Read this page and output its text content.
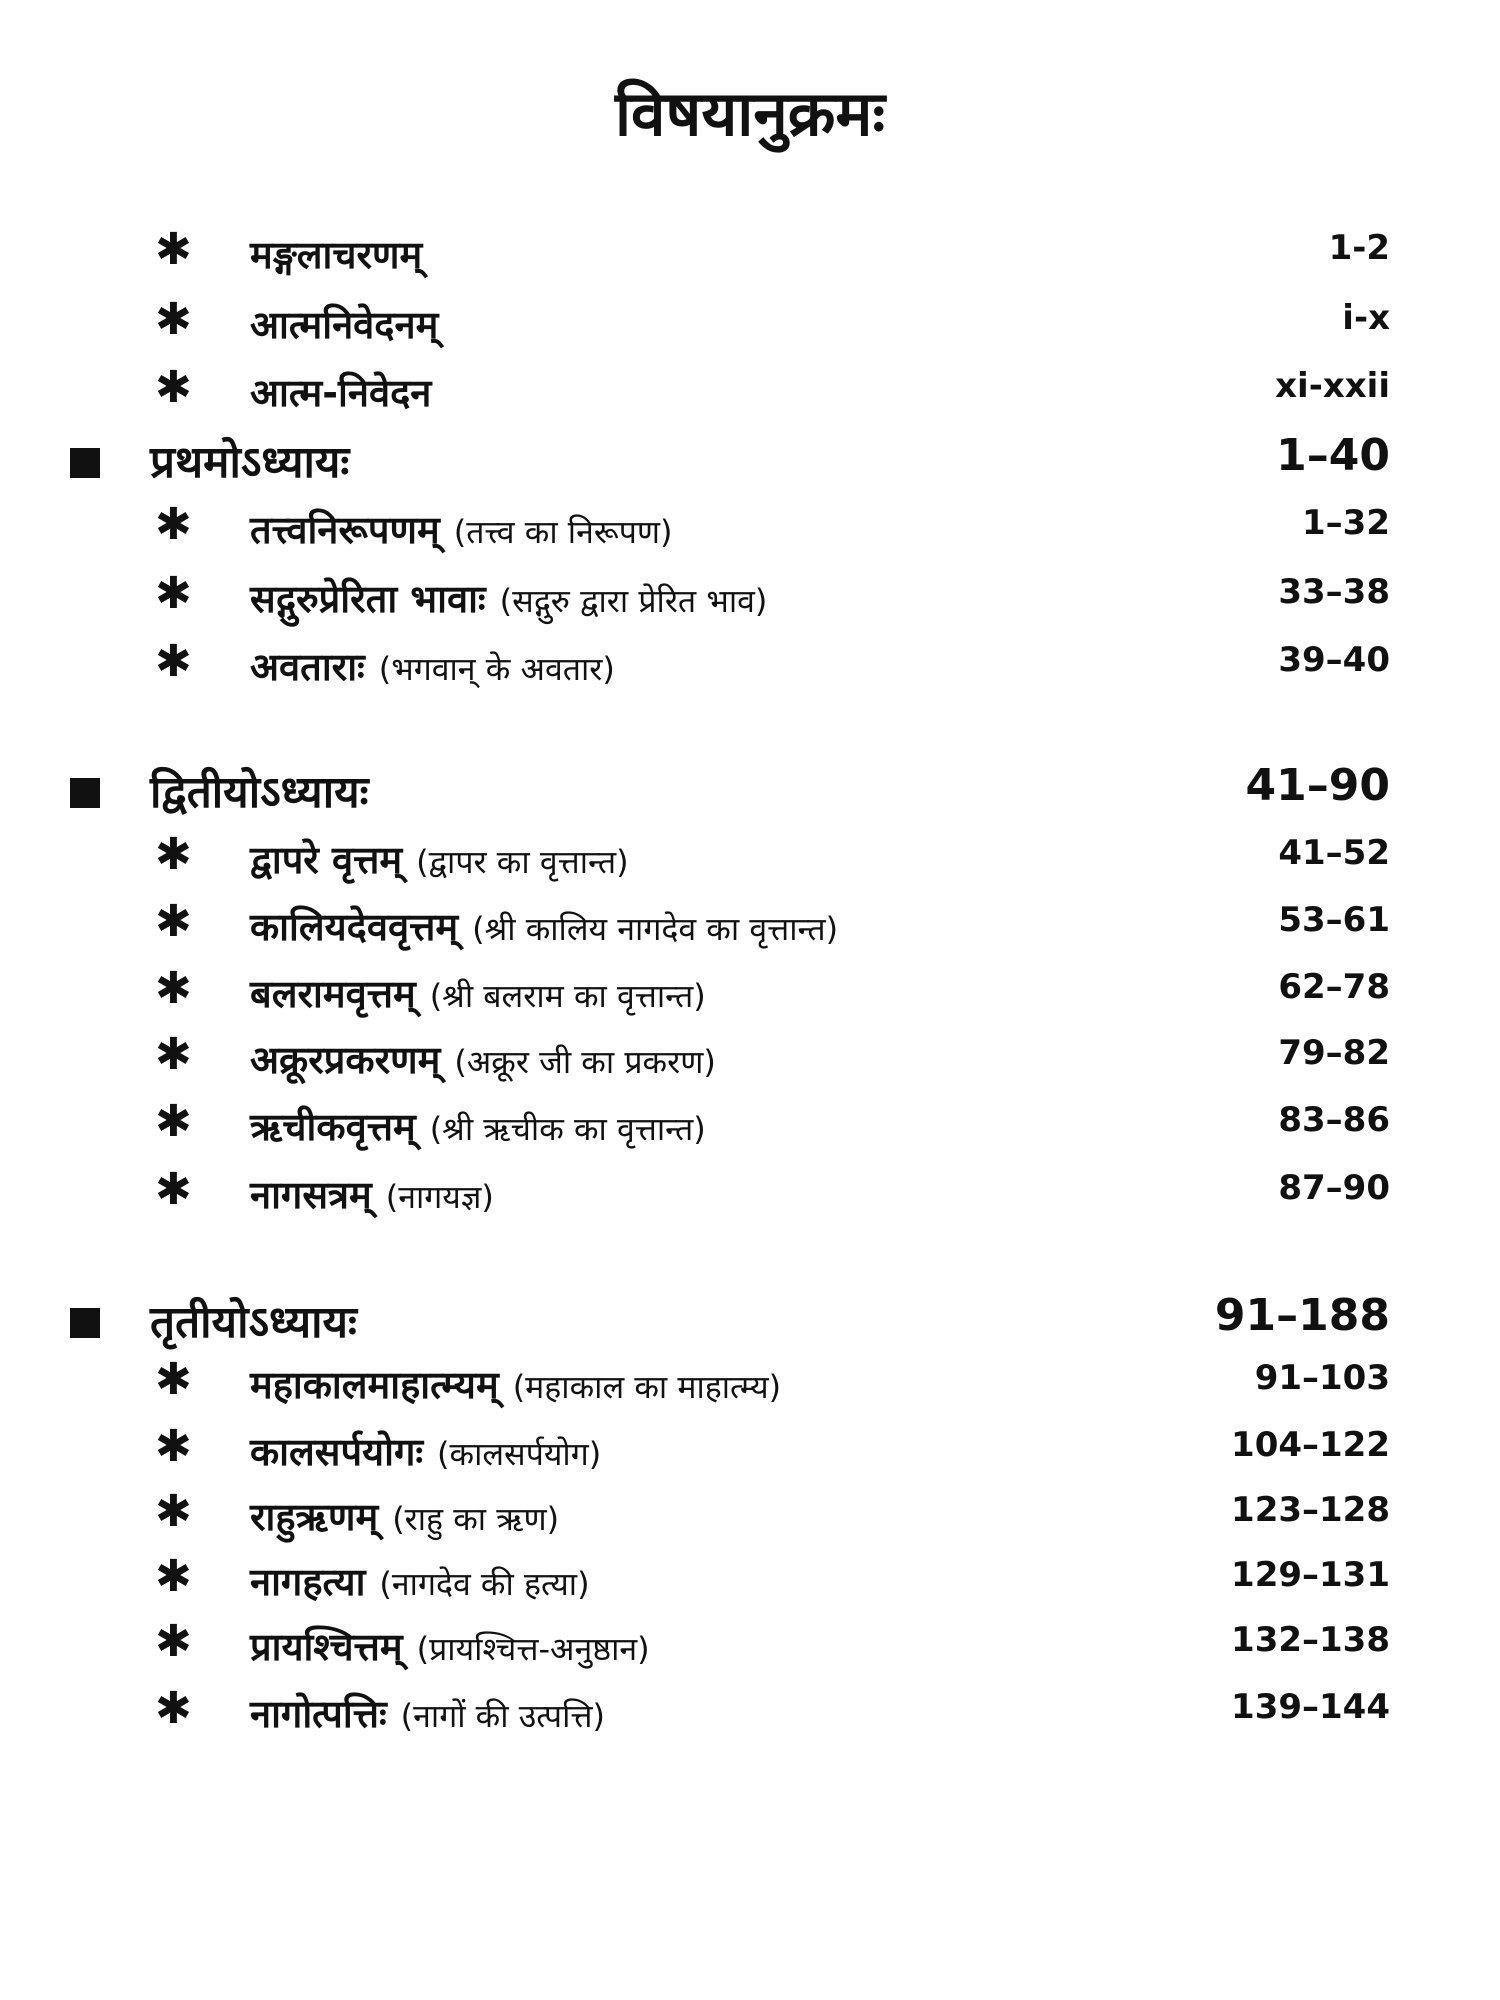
विषयानुक्रमः
✱ मङ्गलाचरणम्	1-2
✱ आत्मनिवेदनम्	i-x
✱ आत्म-निवेदन	xi-xxii
प्रथमोऽध्यायः	1–40
✱ तत्त्वनिरूपणम् (तत्त्व का निरूपण)	1–32
✱ सद्गुरुप्रेरिता भावाः (सद्गुरु द्वारा प्रेरित भाव)	33–38
✱ अवताराः (भगवान् के अवतार)	39–40
द्वितीयोऽध्यायः	41–90
✱ द्वापरे वृत्तम् (द्वापर का वृत्तान्त)	41–52
✱ कालियदेववृत्तम् (श्री कालिय नागदेव का वृत्तान्त)	53–61
✱ बलरामवृत्तम् (श्री बलराम का वृत्तान्त)	62–78
✱ अक्रूरप्रकरणम् (अक्रूर जी का प्रकरण)	79–82
✱ ऋचीकवृत्तम् (श्री ऋचीक का वृत्तान्त)	83–86
✱ नागसत्रम् (नागयज्ञ)	87–90
तृतीयोऽध्यायः	91–188
✱ महाकालमाहात्म्यम् (महाकाल का माहात्म्य)	91–103
✱ कालसर्पयोगः (कालसर्पयोग)	104–122
✱ राहुऋणम् (राहु का ऋण)	123–128
✱ नागहत्या (नागदेव की हत्या)	129–131
✱ प्रायश्चित्तम् (प्रायश्चित्त-अनुष्ठान)	132–138
✱ नागोत्पत्तिः (नागों की उत्पत्ति)	139–144
